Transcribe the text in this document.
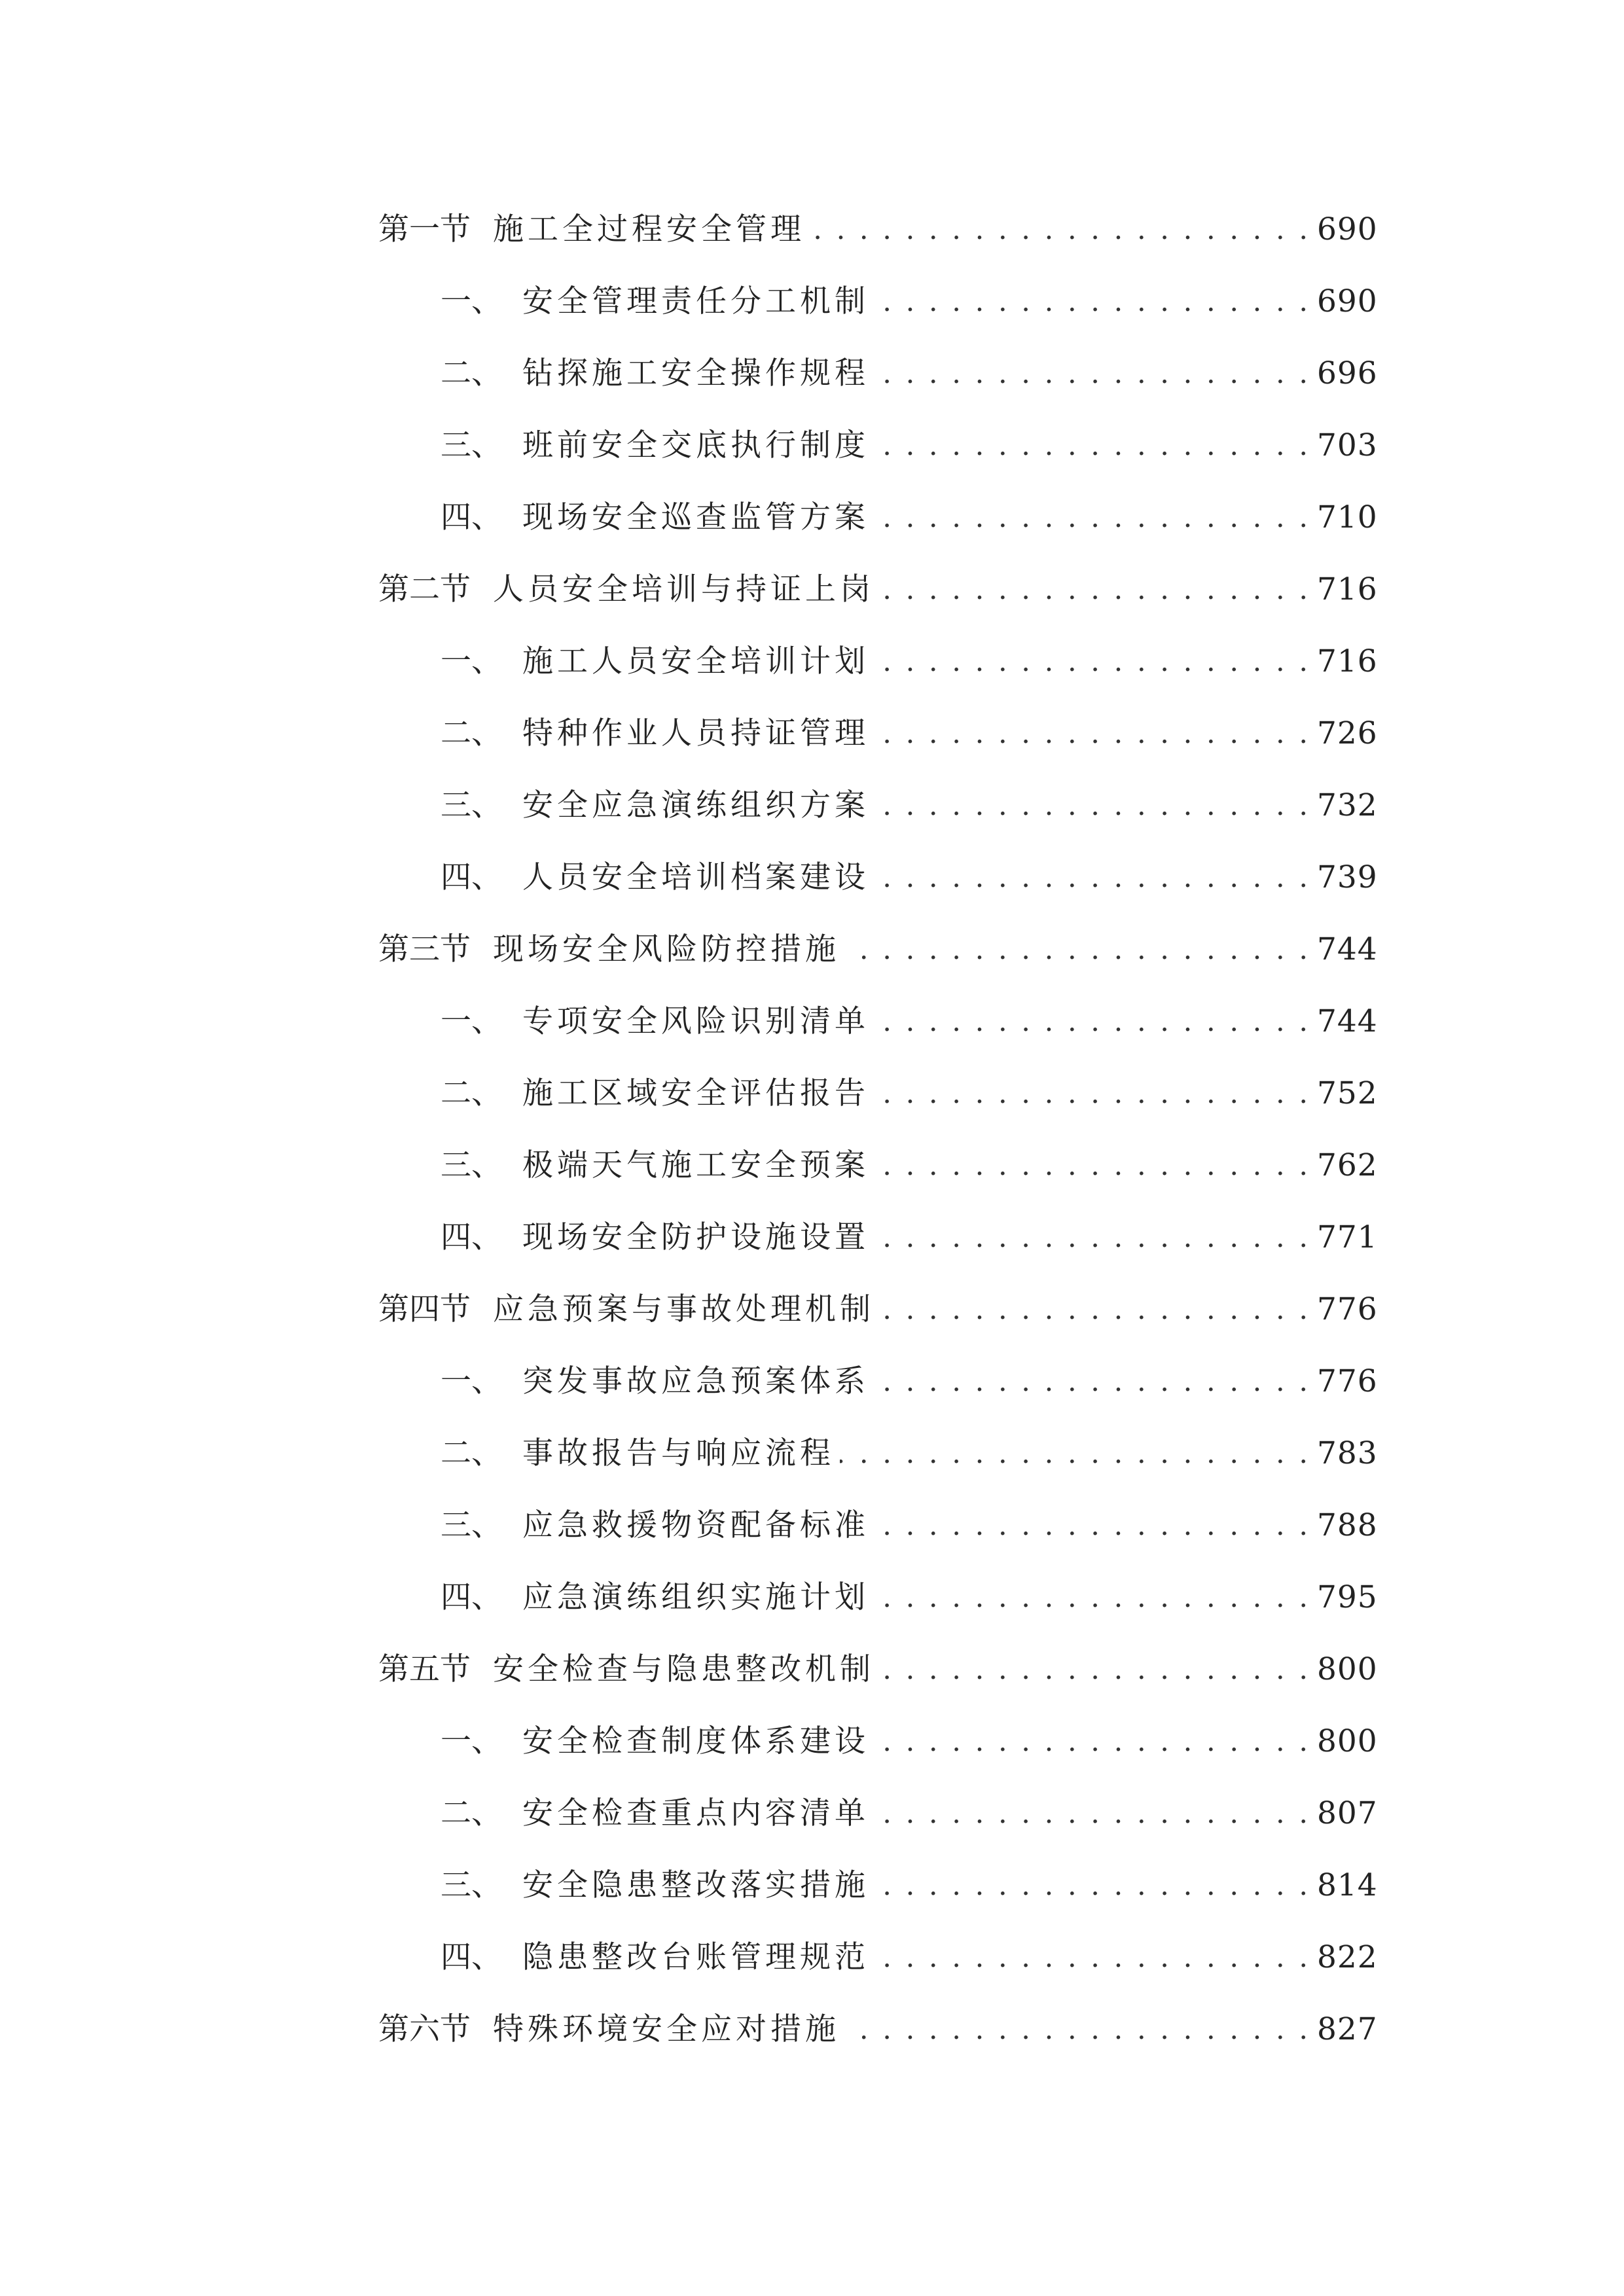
第一节 施工全过程安全管理 . . .	690
一、 安全管理责任分工机制 . . .	690
二、 钻探施工安全操作规程 . . .	696
三、 班前安全交底执行制度 . . .	703
四、 现场安全巡查监管方案 . . .	710
第二节 人员安全培训与持证上岗 . . .	716
一、 施工人员安全培训计划 . . .	716
二、 特种作业人员持证管理 . . .	726
三、 安全应急演练组织方案 . . .	732
四、 人员安全培训档案建设 . . .	739
第三节 现场安全风险防控措施 . . .	744
一、 专项安全风险识别清单 . . .	744
二、 施工区域安全评估报告 . . .	752
三、 极端天气施工安全预案 . . .	762
四、 现场安全防护设施设置 . . .	771
第四节 应急预案与事故处理机制 . . .	776
一、 突发事故应急预案体系 . . .	776
二、 事故报告与响应流程 . . .	783
三、 应急救援物资配备标准 . . .	788
四、 应急演练组织实施计划 . . .	795
第五节 安全检查与隐患整改机制 . . .	800
一、 安全检查制度体系建设 . . .	800
二、 安全检查重点内容清单 . . .	807
三、 安全隐患整改落实措施 . . .	814
四、 隐患整改台账管理规范 . . .	822
第六节 特殊环境安全应对措施 . . .	827
